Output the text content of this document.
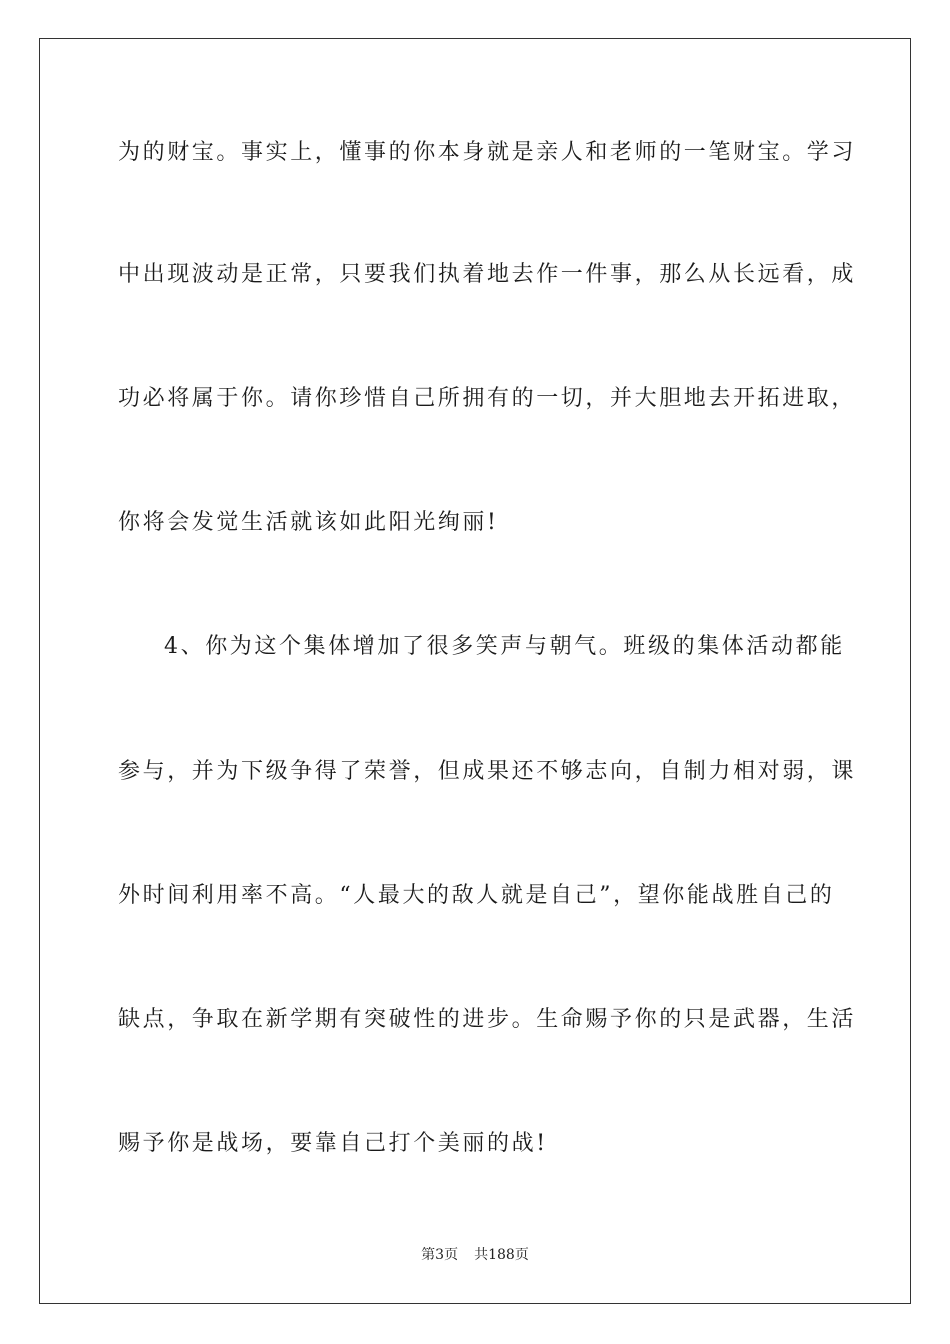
为的财宝。事实上，懂事的你本身就是亲人和老师的一笔财宝。学习
中出现波动是正常，只要我们执着地去作一件事，那么从长远看，成
功必将属于你。请你珍惜自己所拥有的一切，并大胆地去开拓进取，
你将会发觉生活就该如此阳光绚丽!
4、你为这个集体增加了很多笑声与朝气。班级的集体活动都能
参与，并为下级争得了荣誉，但成果还不够志向，自制力相对弱，课
外时间利用率不高。“人最大的敌人就是自己”，望你能战胜自己的
缺点，争取在新学期有突破性的进步。生命赐予你的只是武器，生活
赐予你是战场，要靠自己打个美丽的战!
第3页 共188页
